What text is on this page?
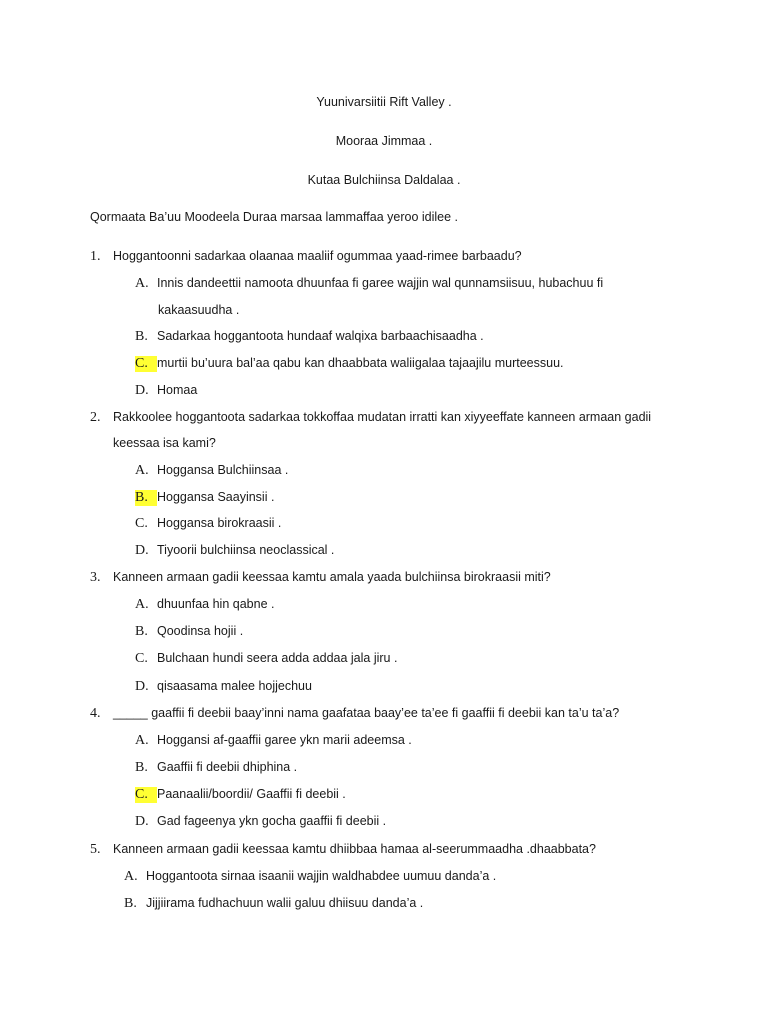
Yuunivarsiitii Rift Valley .
Mooraa Jimmaa .
Kutaa Bulchiinsa Daldalaa .
Qormaata Ba’uu Moodeela Duraa marsaa lammaffaa yeroo idilee .
1. Hoggantoonni sadarkaa olaanaa maaliif ogummaa yaad-rimee barbaadu?
A. Innis dandeettii namoota dhuunfaa fi garee wajjin wal qunnamsiisuu, hubachuu fi
kakaasuudha .
B. Sadarkaa hoggantoota hundaaf walqixa barbaachisaadha .
C. murtii bu’uura bal’aa qabu kan dhaabbata waliigalaa tajaajilu murteessuu.
D. Homaa
2. Rakkoolee hoggantoota sadarkaa tokkoffaa mudatan irratti kan xiyyeeffate kanneen armaan gadii
keessaa isa kami?
A. Hoggansa Bulchiinsaa .
B. Hoggansa Saayinsii .
C. Hoggansa birokraasii .
D. Tiyoorii bulchiinsa neoclassical .
3. Kanneen armaan gadii keessaa kamtu amala yaada bulchiinsa birokraasii miti?
A. dhuunfaa hin qabne .
B. Qoodinsa hojii .
C. Bulchaan hundi seera adda addaa jala jiru .
D. qisaasama malee hojjechuu
4. _____ gaaffii fi deebii baay’inni nama gaafataa baay’ee ta’ee fi gaaffii fi deebii kan ta’u ta’a?
A. Hoggansi af-gaaffii garee ykn marii adeemsa .
B. Gaaffii fi deebii dhiphina .
C. Paanaalii/boordii/ Gaaffii fi deebii .
D. Gad fageenya ykn gocha gaaffii fi deebii .
5. Kanneen armaan gadii keessaa kamtu dhiibbaa hamaa al-seerummaadha .dhaabbata?
A. Hoggantoota sirnaa isaanii wajjin waldhabdee uumuu danda’a .
B. Jijjiirama fudhachuun walii galuu dhiisuu danda’a .
